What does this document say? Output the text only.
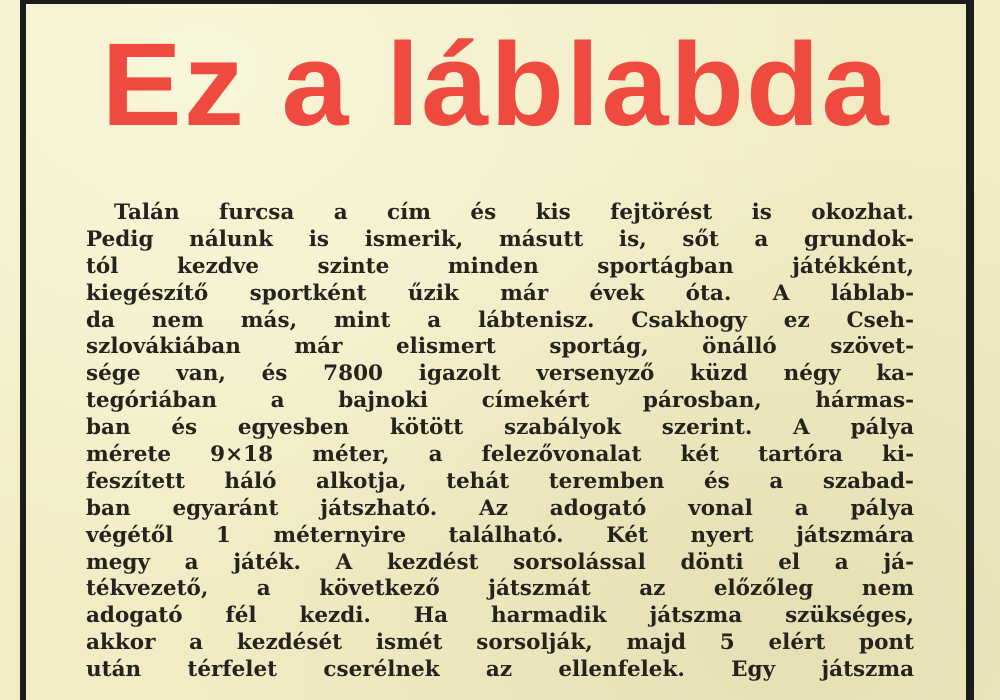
Ez a láblabda
Talán furcsa a cím és kis fejtörést is okozhat.
Pedig nálunk is ismerik, másutt is, sőt a grundok-
tól kezdve szinte minden sportágban játékként,
kiegészítő sportként űzik már évek óta. A láblab-
da nem más, mint a lábtenisz. Csakhogy ez Cseh-
szlovákiában már elismert sportág, önálló szövet-
sége van, és 7800 igazolt versenyző küzd négy ka-
tegóriában a bajnoki címekért párosban, hármas-
ban és egyesben kötött szabályok szerint. A pálya
mérete 9×18 méter, a felezővonalat két tartóra ki-
feszített háló alkotja, tehát teremben és a szabad-
ban egyaránt játszható. Az adogató vonal a pálya
végétől 1 méternyire található. Két nyert játszmára
megy a játék. A kezdést sorsolással dönti el a já-
tékvezető, a következő játszmát az előzőleg nem
adogató fél kezdi. Ha harmadik játszma szükséges,
akkor a kezdését ismét sorsolják, majd 5 elért pont
után térfelet cserélnek az ellenfelek. Egy játszma
